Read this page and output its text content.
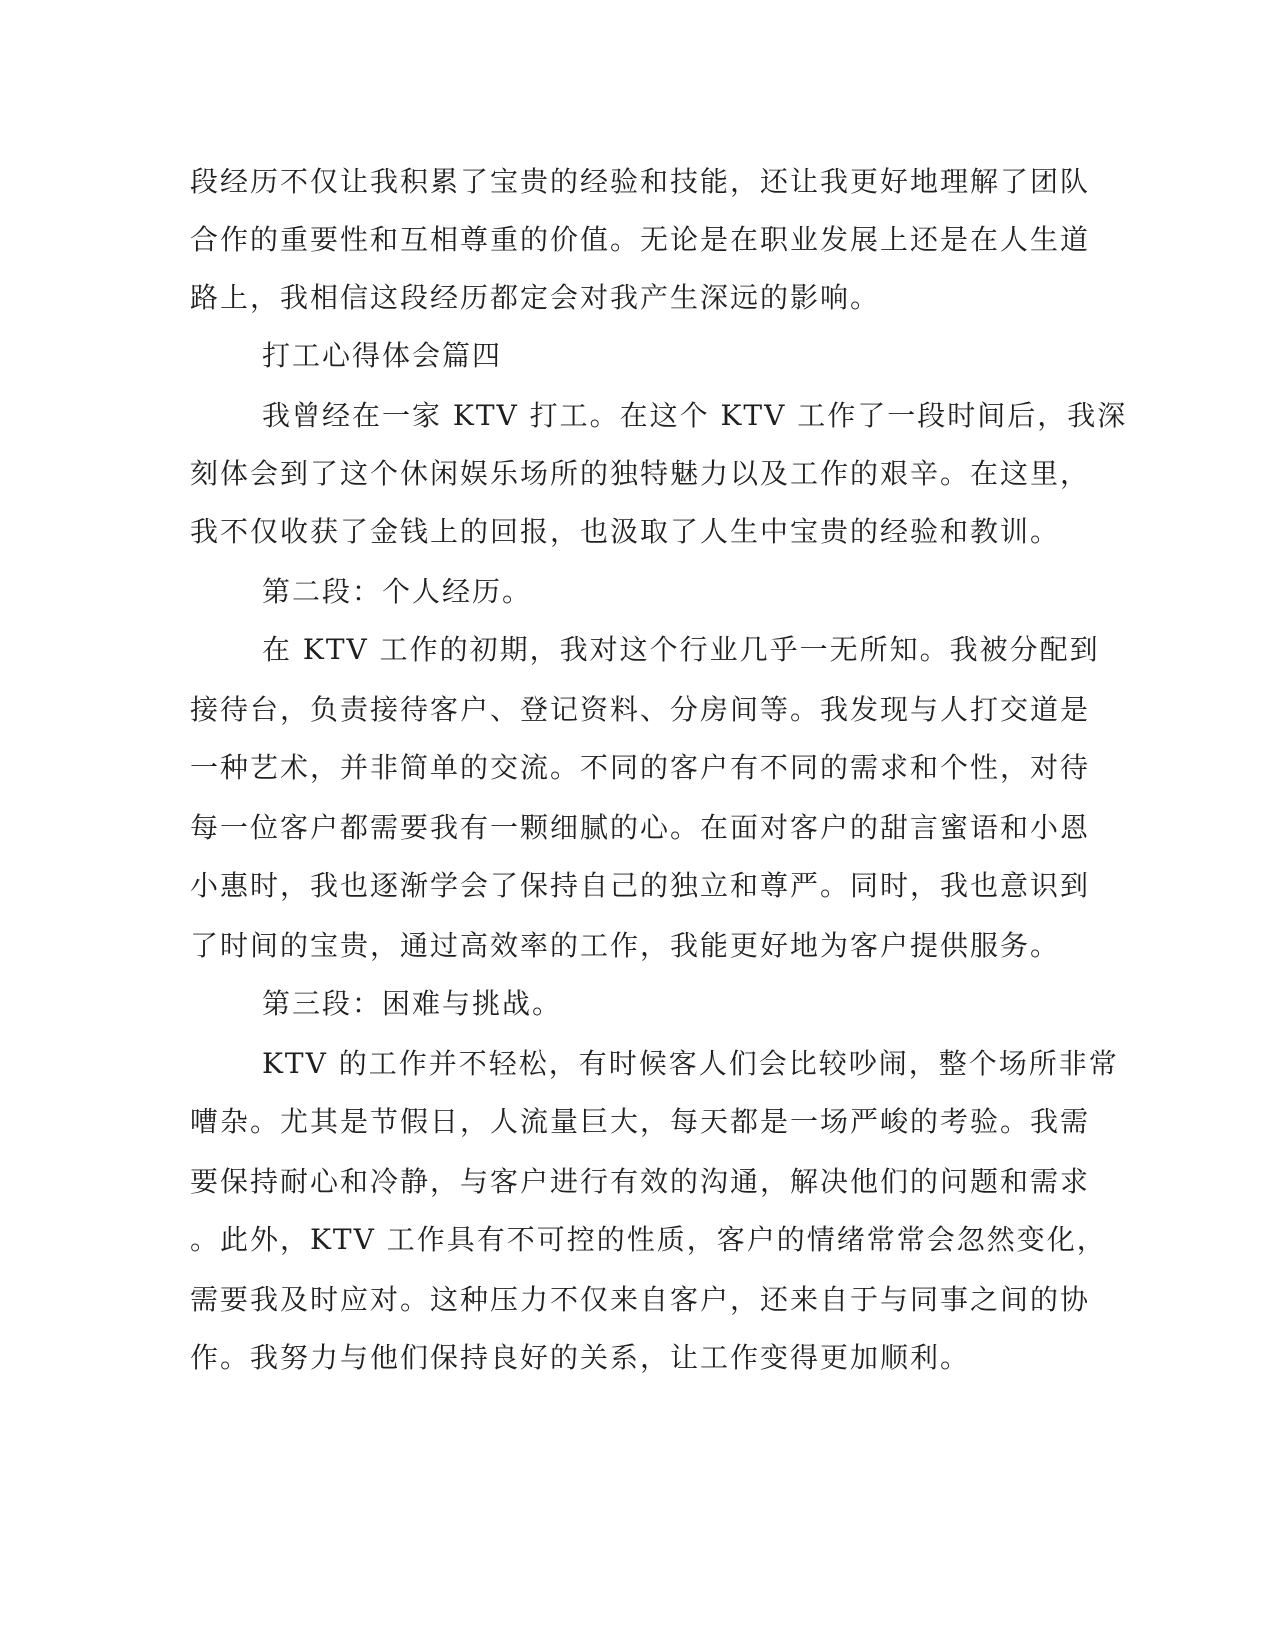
段经历不仅让我积累了宝贵的经验和技能，还让我更好地理解了团队
合作的重要性和互相尊重的价值。无论是在职业发展上还是在人生道
路上，我相信这段经历都定会对我产生深远的影响。
打工心得体会篇四
我曾经在一家 KTV 打工。在这个 KTV 工作了一段时间后，我深
刻体会到了这个休闲娱乐场所的独特魅力以及工作的艰辛。在这里，
我不仅收获了金钱上的回报，也汲取了人生中宝贵的经验和教训。
第二段：个人经历。
在 KTV 工作的初期，我对这个行业几乎一无所知。我被分配到
接待台，负责接待客户、登记资料、分房间等。我发现与人打交道是
一种艺术，并非简单的交流。不同的客户有不同的需求和个性，对待
每一位客户都需要我有一颗细腻的心。在面对客户的甜言蜜语和小恩
小惠时，我也逐渐学会了保持自己的独立和尊严。同时，我也意识到
了时间的宝贵，通过高效率的工作，我能更好地为客户提供服务。
第三段：困难与挑战。
KTV 的工作并不轻松，有时候客人们会比较吵闹，整个场所非常
嘈杂。尤其是节假日，人流量巨大，每天都是一场严峻的考验。我需
要保持耐心和冷静，与客户进行有效的沟通，解决他们的问题和需求
。此外，KTV 工作具有不可控的性质，客户的情绪常常会忽然变化，
需要我及时应对。这种压力不仅来自客户，还来自于与同事之间的协
作。我努力与他们保持良好的关系，让工作变得更加顺利。
